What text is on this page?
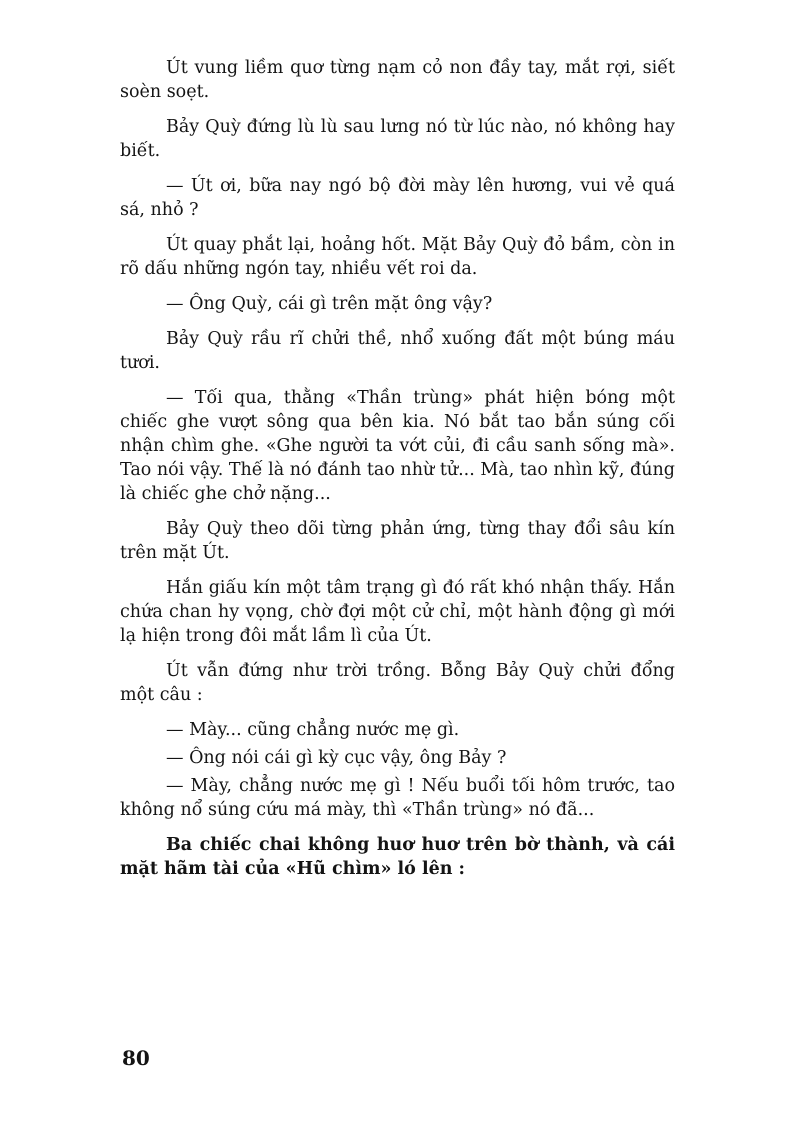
Út vung liềm quơ từng nạm cỏ non đầy tay, mắt rợi, siết soèn soẹt.

Bảy Quỳ đứng lù lù sau lưng nó từ lúc nào, nó không hay biết.

— Út ơi, bữa nay ngó bộ đời mày lên hương, vui vẻ quá sá, nhỏ ?

Út quay phắt lại, hoảng hốt. Mặt Bảy Quỳ đỏ bầm, còn in rõ dấu những ngón tay, nhiều vết roi da.

— Ông Quỳ, cái gì trên mặt ông vậy?

Bảy Quỳ rầu rĩ chửi thề, nhổ xuống đất một búng máu tươi.

— Tối qua, thằng «Thần trùng» phát hiện bóng một chiếc ghe vượt sông qua bên kia. Nó bắt tao bắn súng cối nhận chìm ghe. «Ghe người ta vớt củi, đi cầu sanh sống mà». Tao nói vậy. Thế là nó đánh tao nhừ tử... Mà, tao nhìn kỹ, đúng là chiếc ghe chở nặng...

Bảy Quỳ theo dõi từng phản ứng, từng thay đổi sâu kín trên mặt Út.

Hắn giấu kín một tâm trạng gì đó rất khó nhận thấy. Hắn chứa chan hy vọng, chờ đợi một cử chỉ, một hành động gì mới lạ hiện trong đôi mắt lầm lì của Út.

Út vẫn đứng như trời trồng. Bỗng Bảy Quỳ chửi đổng một câu :

— Mày... cũng chẳng nước mẹ gì.

— Ông nói cái gì kỳ cục vậy, ông Bảy ?

— Mày, chẳng nước mẹ gì ! Nếu buổi tối hôm trước, tao không nổ súng cứu má mày, thì «Thần trùng» nó đã...

Ba chiếc chai không huơ huơ trên bờ thành, và cái mặt hãm tài của «Hũ chìm» ló lên :

80
